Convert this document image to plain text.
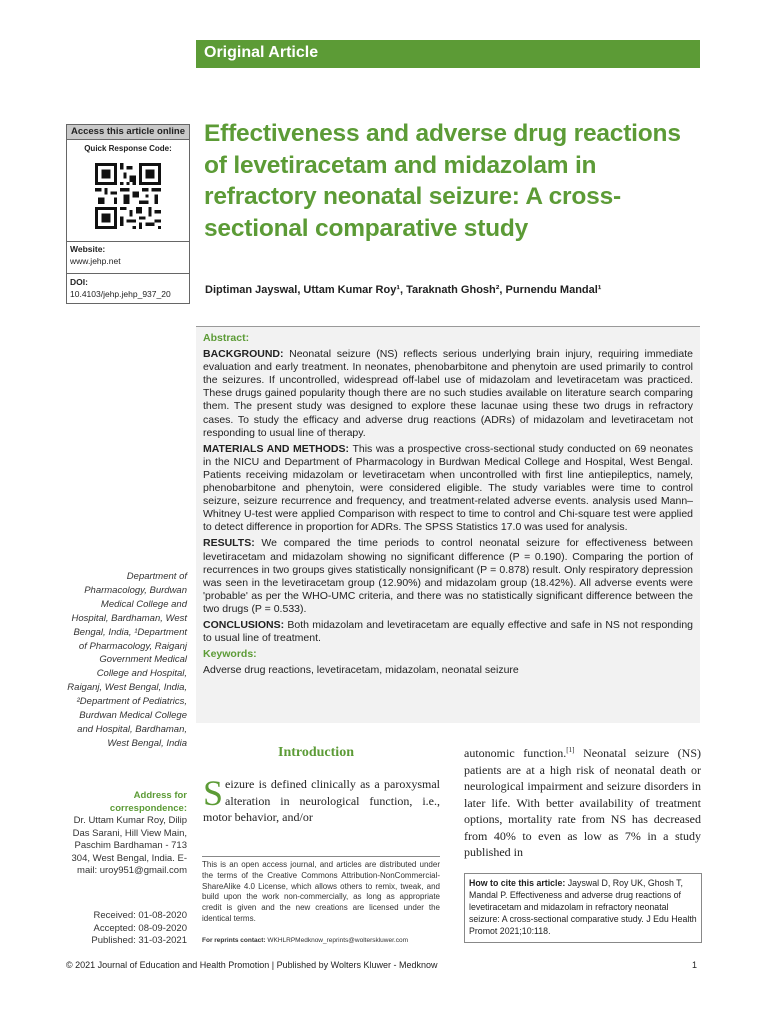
Original Article
Access this article online
Quick Response Code:
Website:
www.jehp.net
DOI:
10.4103/jehp.jehp_937_20
Effectiveness and adverse drug reactions of levetiracetam and midazolam in refractory neonatal seizure: A cross-sectional comparative study
Diptiman Jayswal, Uttam Kumar Roy¹, Taraknath Ghosh², Purnendu Mandal¹

Abstract:

BACKGROUND: Neonatal seizure (NS) reflects serious underlying brain injury, requiring immediate evaluation and early treatment. In neonates, phenobarbitone and phenytoin are used primarily to control the seizures. If uncontrolled, widespread off-label use of midazolam and levetiracetam was practiced. These drugs gained popularity though there are no such studies available on literature search comparing them. The present study was designed to explore these lacunae using these two drugs in refractory cases. To study the efficacy and adverse drug reactions (ADRs) of midazolam and levetiracetam not responding to usual line of therapy.

MATERIALS AND METHODS: This was a prospective cross-sectional study conducted on 69 neonates in the NICU and Department of Pharmacology in Burdwan Medical College and Hospital, West Bengal. Patients receiving midazolam or levetiracetam when uncontrolled with first line antiepileptics, namely, phenobarbitone and phenytoin, were considered eligible. The study variables were time to control seizure, seizure recurrence and frequency, and treatment-related adverse events. analysis used Mann–Whitney U-test were applied Comparison with respect to time to control and Chi-square test were applied to detect difference in proportion for ADRs. The SPSS Statistics 17.0 was used for analysis.

RESULTS: We compared the time periods to control neonatal seizure for effectiveness between levetiracetam and midazolam showing no significant difference (P = 0.190). Comparing the portion of recurrences in two groups gives statistically nonsignificant (P = 0.878) result. Only respiratory depression was seen in the levetiracetam group (12.90%) and midazolam group (18.42%). All adverse events were 'probable' as per the WHO-UMC criteria, and there was no statistically significant difference between the two drugs (P = 0.533).

CONCLUSIONS: Both midazolam and levetiracetam are equally effective and safe in NS not responding to usual line of treatment.

Keywords:

Adverse drug reactions, levetiracetam, midazolam, neonatal seizure

Department of Pharmacology, Burdwan Medical College and Hospital, Bardhaman, West Bengal, India, ¹Department of Pharmacology, Raiganj Government Medical College and Hospital, Raiganj, West Bengal, India, ²Department of Pediatrics, Burdwan Medical College and Hospital, Bardhaman, West Bengal, India
Address for correspondence:
Dr. Uttam Kumar Roy, Dilip Das Sarani, Hill View Main, Paschim Bardhaman - 713 304, West Bengal, India. E-mail: uroy951@gmail.com
Received: 01-08-2020
Accepted: 08-09-2020
Published: 31-03-2021
Introduction
Seizure is defined clinically as a paroxysmal alteration in neurological function, i.e., motor behavior, and/or
autonomic function.[1] Neonatal seizure (NS) patients are at a high risk of neonatal death or neurological impairment and seizure disorders in later life. With better availability of treatment options, mortality rate from NS has decreased from 40% to even as low as 7% in a study published in
This is an open access journal, and articles are distributed under the terms of the Creative Commons Attribution-NonCommercial-ShareAlike 4.0 License, which allows others to remix, tweak, and build upon the work non-commercially, as long as appropriate credit is given and the new creations are licensed under the identical terms.
For reprints contact: WKHLRPMedknow_reprints@wolterskluwer.com
How to cite this article: Jayswal D, Roy UK, Ghosh T, Mandal P. Effectiveness and adverse drug reactions of levetiracetam and midazolam in refractory neonatal seizure: A cross-sectional comparative study. J Edu Health Promot 2021;10:118.
© 2021 Journal of Education and Health Promotion | Published by Wolters Kluwer - Medknow	1
